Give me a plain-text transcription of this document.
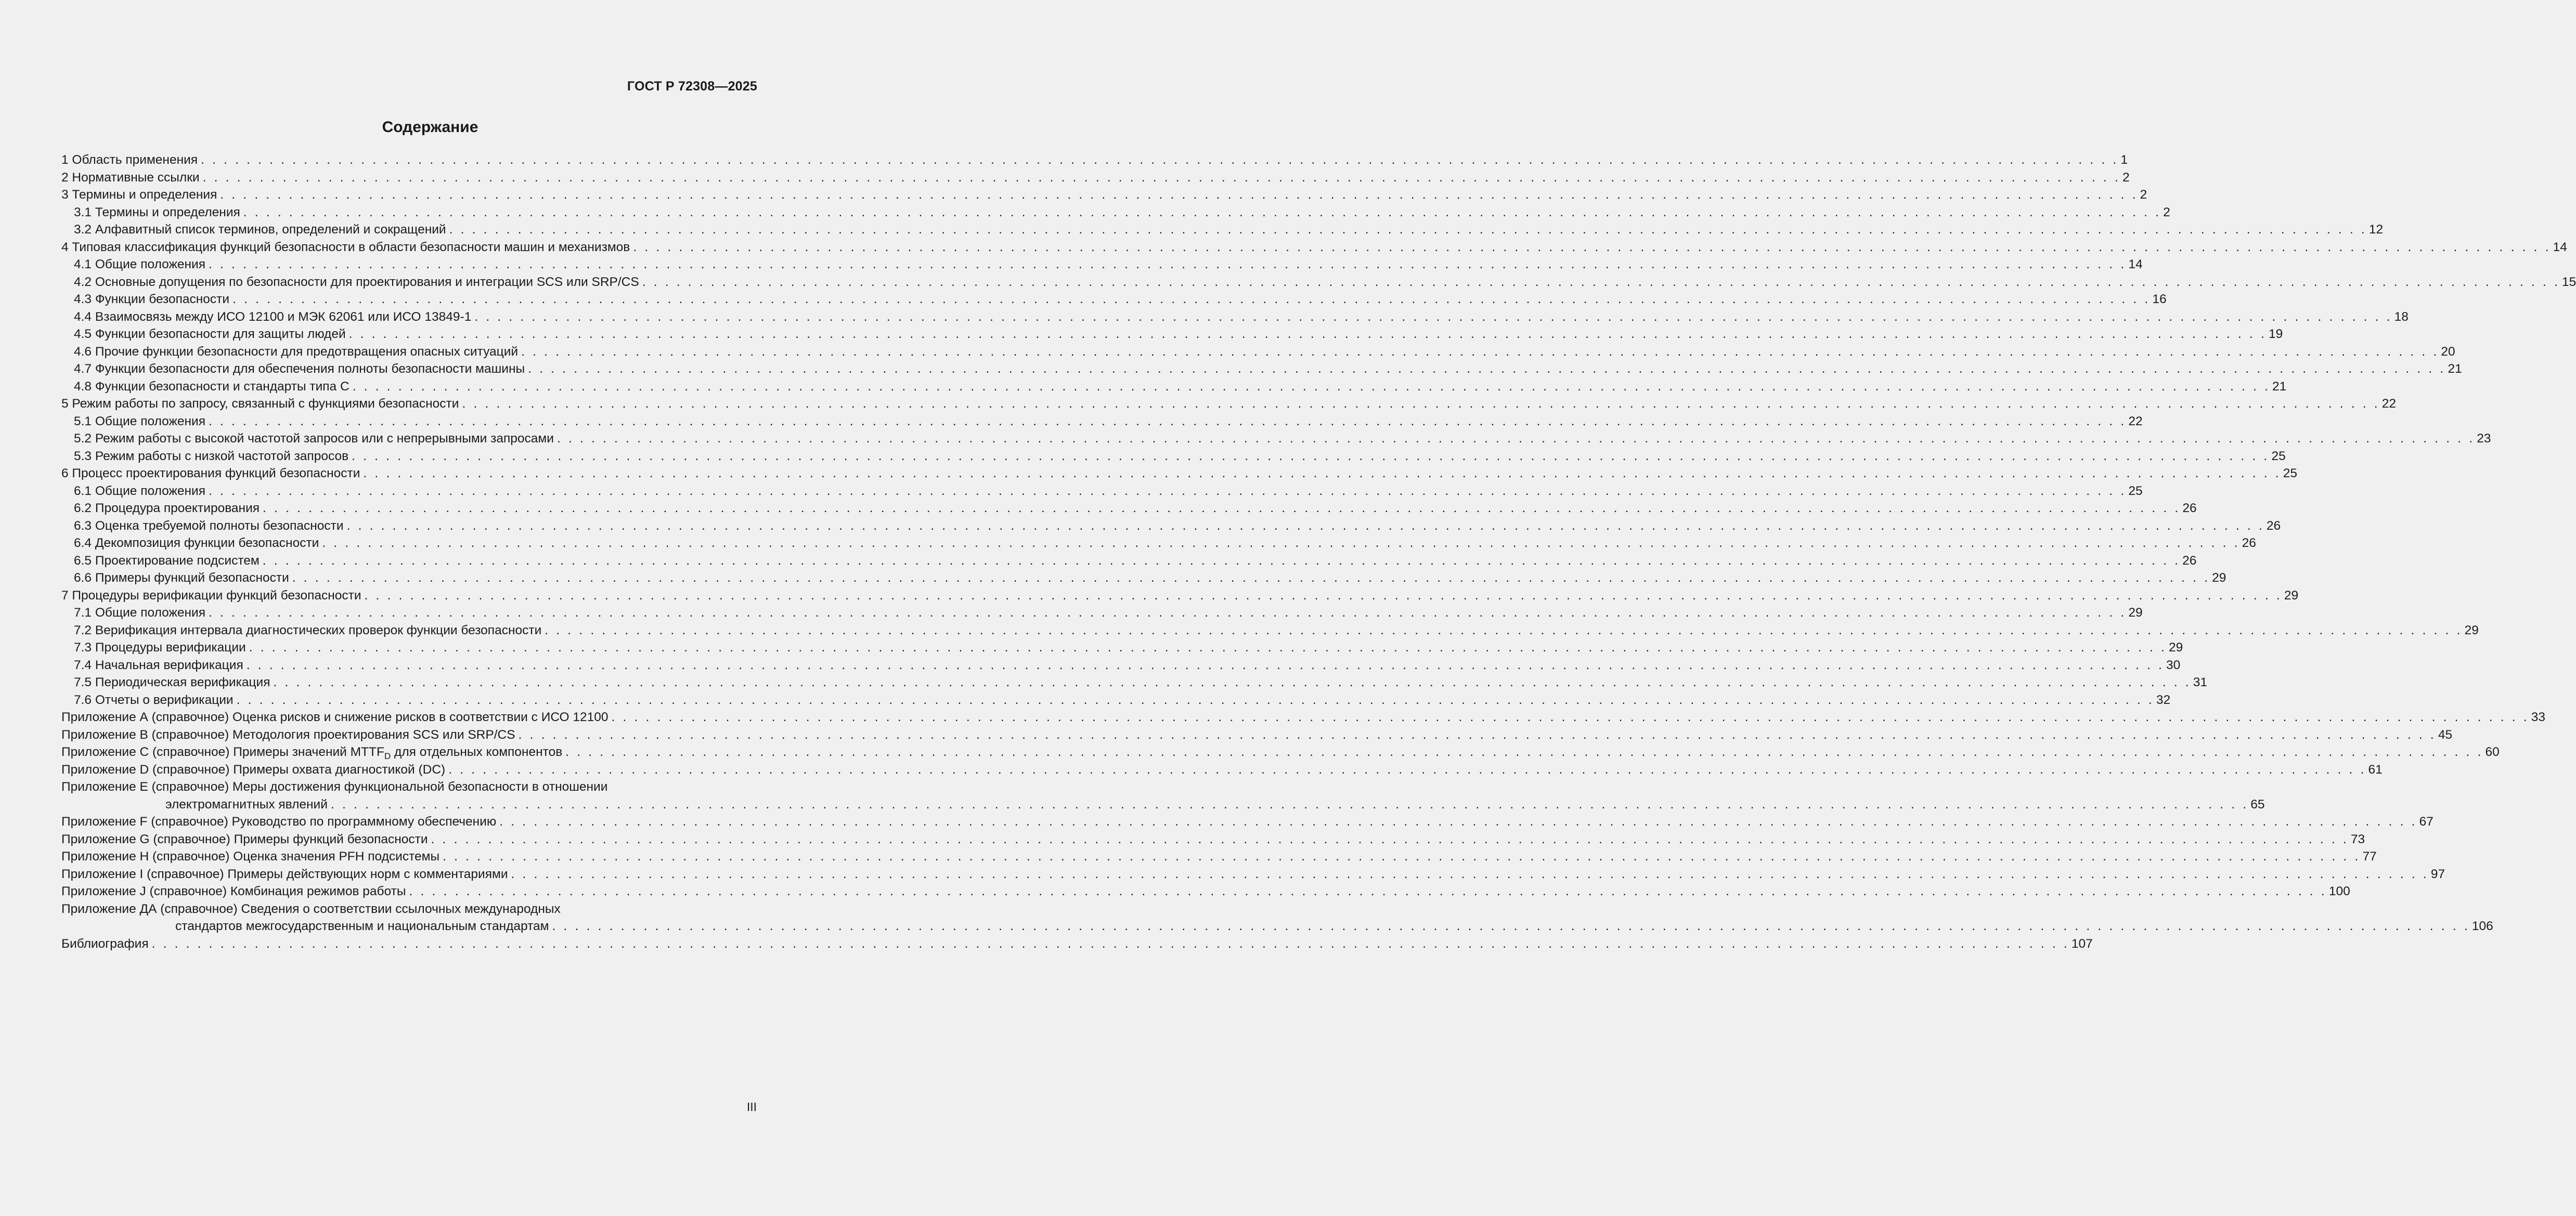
ГОСТ Р 72308—2025
Содержание
1 Область применения . . .	1
2 Нормативные ссылки . . .	2
3 Термины и определения . . .	2
3.1 Термины и определения . . .	2
3.2 Алфавитный список терминов, определений и сокращений . . .	12
4 Типовая классификация функций безопасности в области безопасности машин и механизмов . . .	14
4.1 Общие положения . . .	14
4.2 Основные допущения по безопасности для проектирования и интеграции SCS или SRP/CS . . .	15
4.3 Функции безопасности . . .	16
4.4 Взаимосвязь между ИСО 12100 и МЭК 62061 или ИСО 13849-1 . . .	18
4.5 Функции безопасности для защиты людей . . .	19
4.6 Прочие функции безопасности для предотвращения опасных ситуаций . . .	20
4.7 Функции безопасности для обеспечения полноты безопасности машины . . .	21
4.8 Функции безопасности и стандарты типа С . . .	21
5 Режим работы по запросу, связанный с функциями безопасности . . .	22
5.1 Общие положения . . .	22
5.2 Режим работы с высокой частотой запросов или с непрерывными запросами . . .	23
5.3 Режим работы с низкой частотой запросов . . .	25
6 Процесс проектирования функций безопасности . . .	25
6.1 Общие положения . . .	25
6.2 Процедура проектирования . . .	26
6.3 Оценка требуемой полноты безопасности . . .	26
6.4 Декомпозиция функции безопасности . . .	26
6.5 Проектирование подсистем . . .	26
6.6 Примеры функций безопасности . . .	29
7 Процедуры верификации функций безопасности . . .	29
7.1 Общие положения . . .	29
7.2 Верификация интервала диагностических проверок функции безопасности . . .	29
7.3 Процедуры верификации . . .	29
7.4 Начальная верификация . . .	30
7.5 Периодическая верификация . . .	31
7.6 Отчеты о верификации . . .	32
Приложение А (справочное) Оценка рисков и снижение рисков в соответствии с ИСО 12100 . . .	33
Приложение В (справочное) Методология проектирования SCS или SRP/CS . . .	45
Приложение С (справочное) Примеры значений $MTTF_D$ для отдельных компонентов . . .	60
Приложение D (справочное) Примеры охвата диагностикой (DC) . . .	61
Приложение Е (справочное) Меры достижения функциональной безопасности в отношении
электромагнитных явлений . . .	65
Приложение F (справочное) Руководство по программному обеспечению . . .	67
Приложение G (справочное) Примеры функций безопасности . . .	73
Приложение Н (справочное) Оценка значения PFH подсистемы . . .	77
Приложение I (справочное) Примеры действующих норм с комментариями . . .	97
Приложение J (справочное) Комбинация режимов работы . . .	100
Приложение ДА (справочное) Сведения о соответствии ссылочных международных
стандартов межгосударственным и национальным стандартам . . .	106
Библиография . . .	107
III
